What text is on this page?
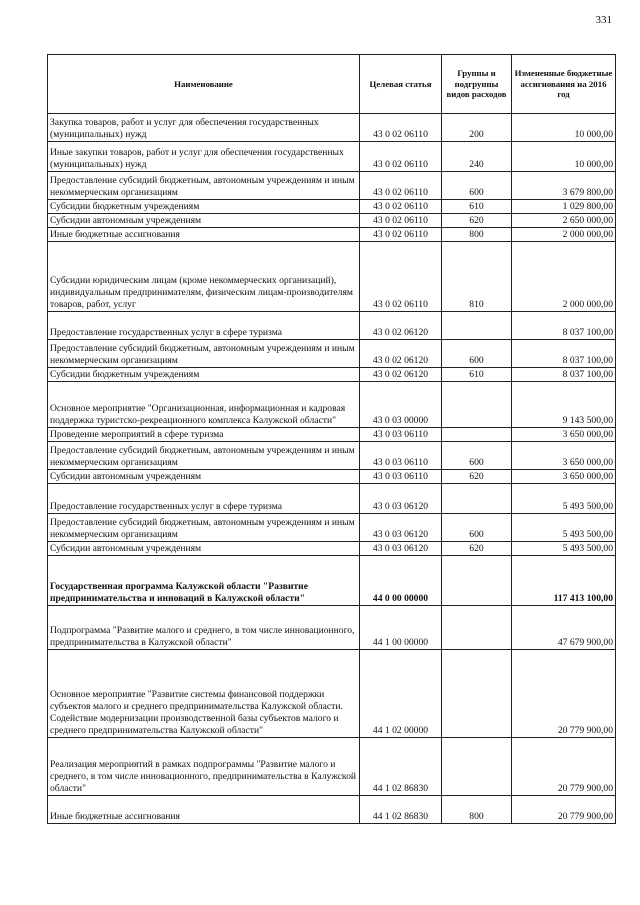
331
Наименование	Целевая статья	Группы и подгруппы видов расходов	Измененные бюджетные ассигнования на 2016 год
Закупка товаров, работ и услуг для обеспечения государственных (муниципальных) нужд	43 0 02 06110	200	10 000,00
Иные закупки товаров, работ и услуг для обеспечения государственных (муниципальных) нужд	43 0 02 06110	240	10 000,00
Предоставление субсидий бюджетным, автономным учреждениям и иным некоммерческим организациям	43 0 02 06110	600	3 679 800,00
Субсидии бюджетным учреждениям	43 0 02 06110	610	1 029 800,00
Субсидии автономным учреждениям	43 0 02 06110	620	2 650 000,00
Иные бюджетные ассигнования	43 0 02 06110	800	2 000 000,00
Субсидии юридическим лицам (кроме некоммерческих организаций), индивидуальным предпринимателям, физическим лицам-производителям товаров, работ, услуг	43 0 02 06110	810	2 000 000,00
Предоставление государственных услуг в сфере туризма	43 0 02 06120		8 037 100,00
Предоставление субсидий бюджетным, автономным учреждениям и иным некоммерческим организациям	43 0 02 06120	600	8 037 100,00
Субсидии бюджетным учреждениям	43 0 02 06120	610	8 037 100,00
Основное мероприятие "Организационная, информационная и кадровая поддержка туристско-рекреационного комплекса Калужской области"	43 0 03 00000		9 143 500,00
Проведение мероприятий в сфере туризма	43 0 03 06110		3 650 000,00
Предоставление субсидий бюджетным, автономным учреждениям и иным некоммерческим организациям	43 0 03 06110	600	3 650 000,00
Субсидии автономным учреждениям	43 0 03 06110	620	3 650 000,00
Предоставление государственных услуг в сфере туризма	43 0 03 06120		5 493 500,00
Предоставление субсидий бюджетным, автономным учреждениям и иным некоммерческим организациям	43 0 03 06120	600	5 493 500,00
Субсидии автономным учреждениям	43 0 03 06120	620	5 493 500,00
Государственная программа Калужской области "Развитие предпринимательства и инноваций в Калужской области"	44 0 00 00000		117 413 100,00
Подпрограмма "Развитие малого и среднего, в том числе инновационного, предпринимательства в Калужской области"	44 1 00 00000		47 679 900,00
Основное мероприятие "Развитие системы финансовой поддержки субъектов малого и среднего предпринимательства Калужской области. Содействие модернизации производственной базы субъектов малого и среднего предпринимательства Калужской области"	44 1 02 00000		20 779 900,00
Реализация мероприятий в рамках подпрограммы "Развитие малого и среднего, в том числе инновационного, предпринимательства в Калужской области"	44 1 02 86830		20 779 900,00
Иные бюджетные ассигнования	44 1 02 86830	800	20 779 900,00
